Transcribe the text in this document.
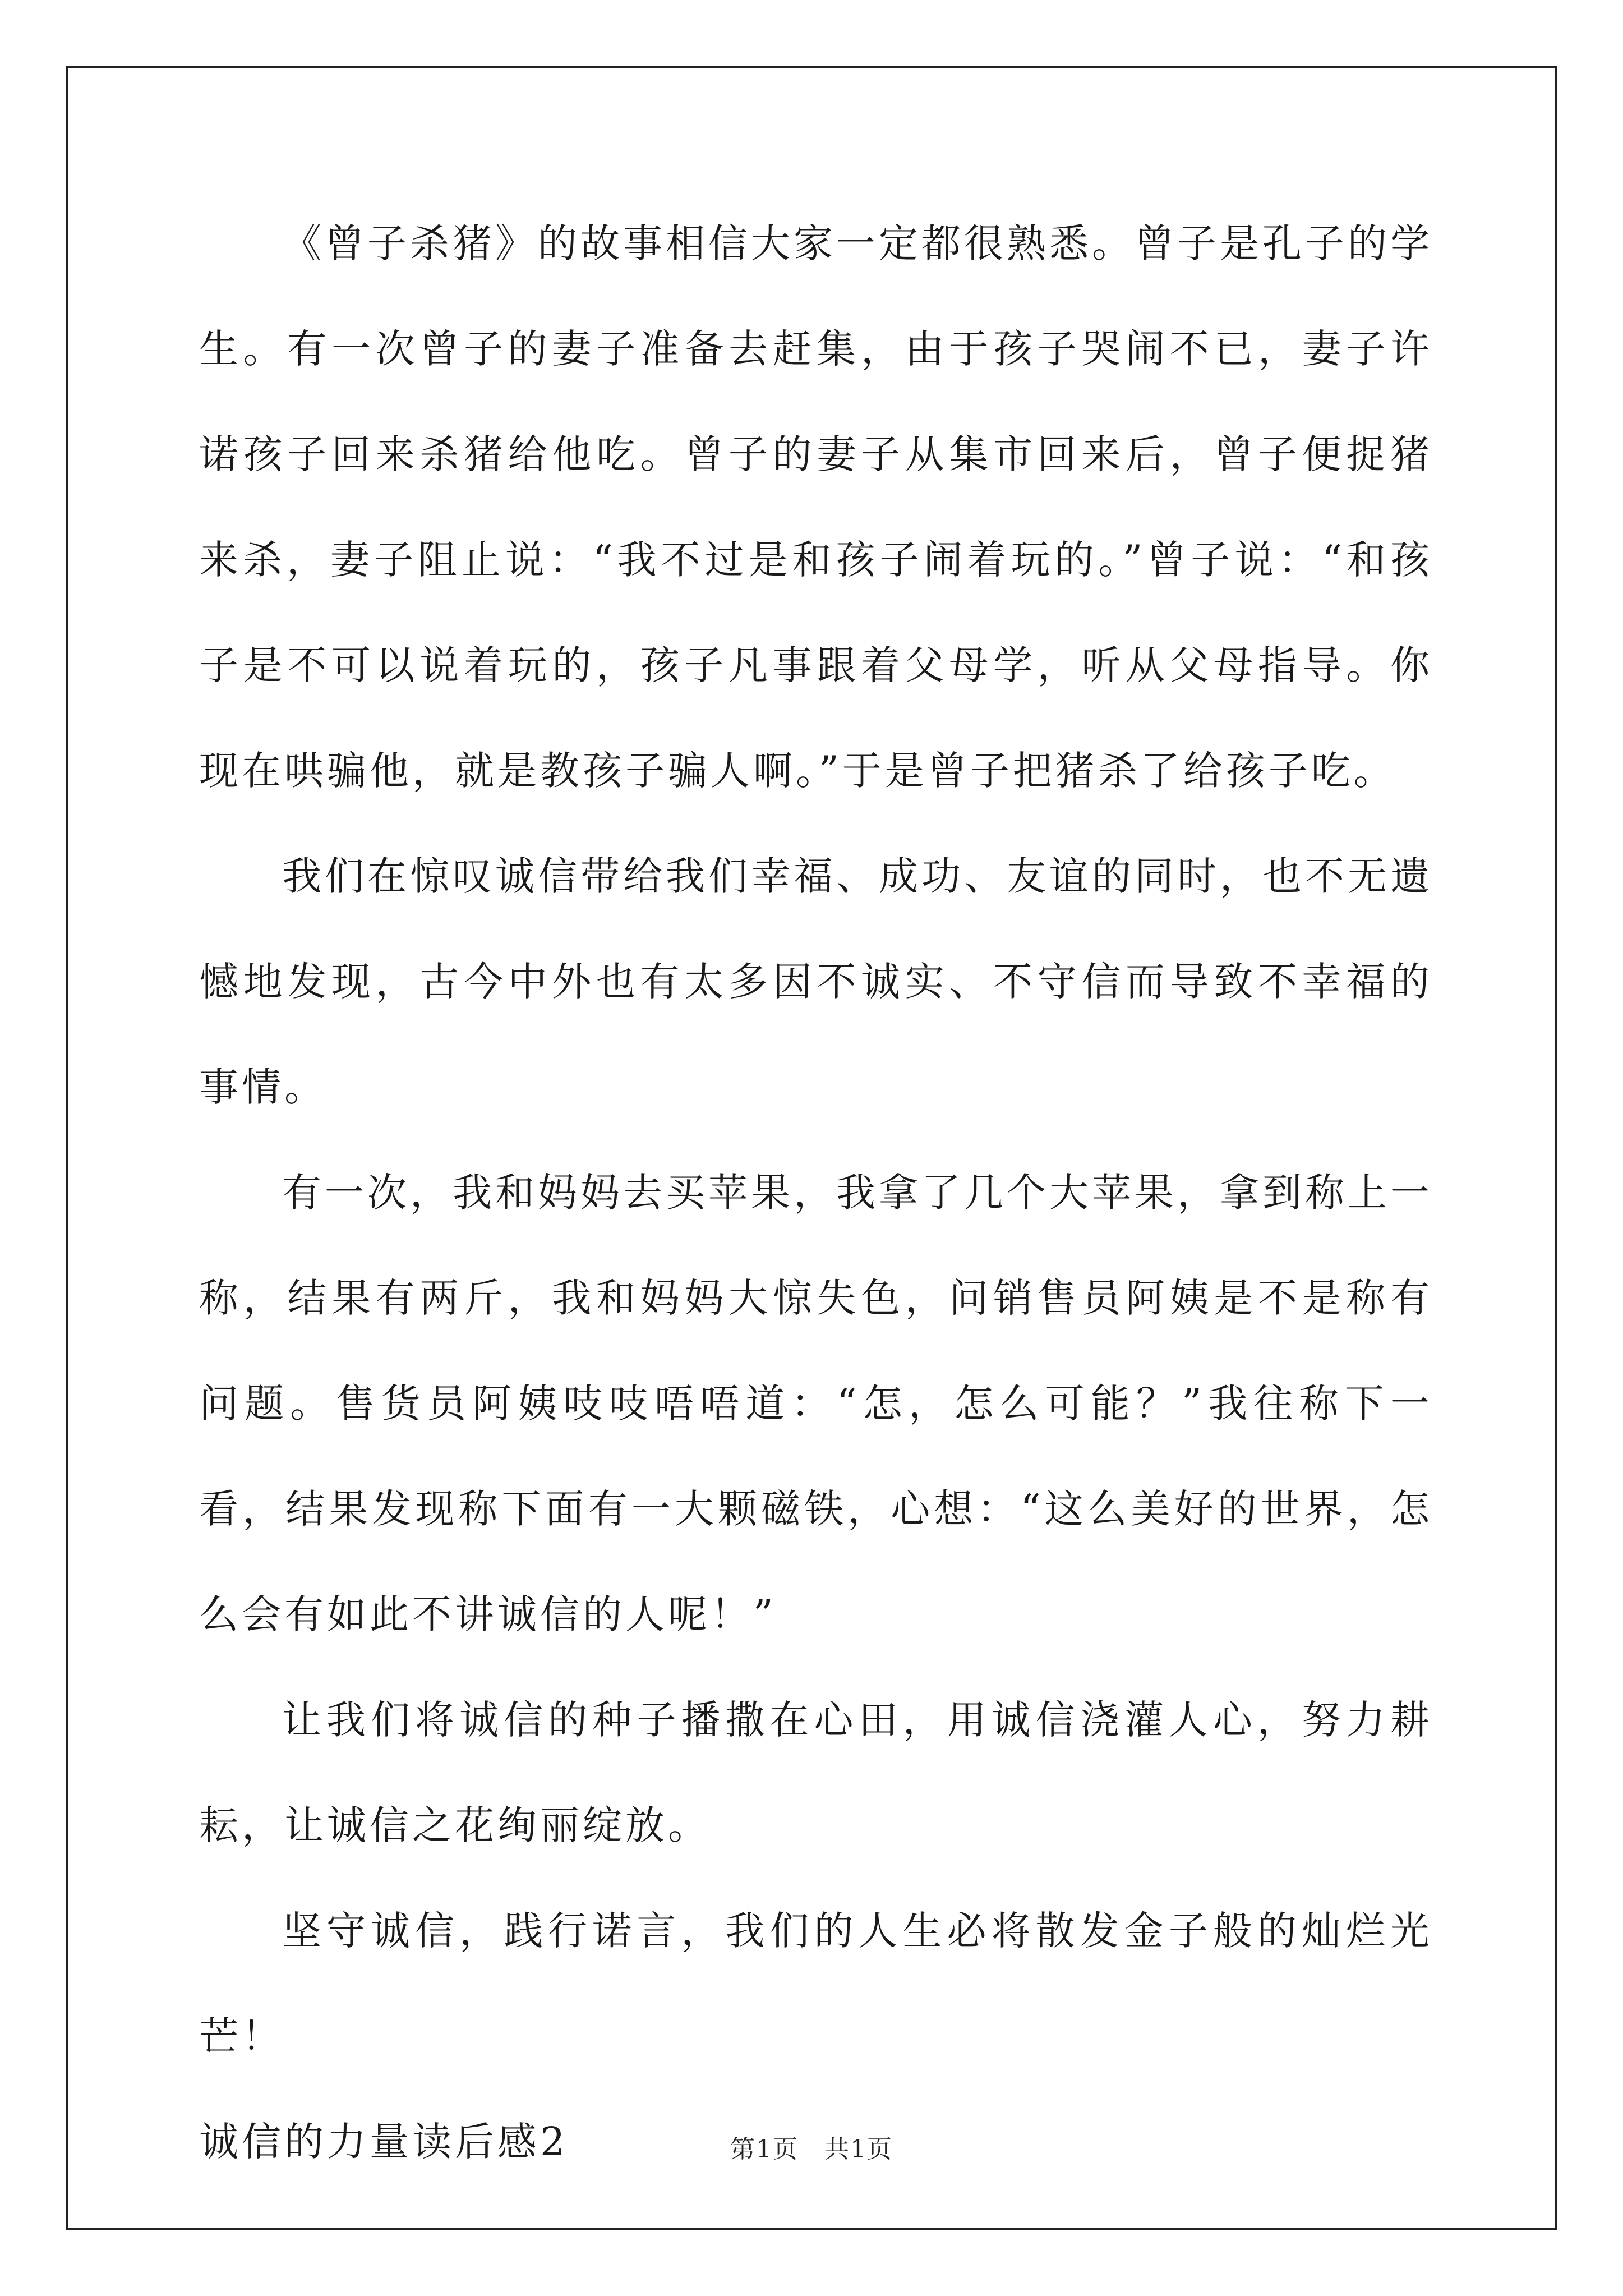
《曾子杀猪》的故事相信大家一定都很熟悉。曾子是孔子的学生。有一次曾子的妻子准备去赶集，由于孩子哭闹不已，妻子许诺孩子回来杀猪给他吃。曾子的妻子从集市回来后，曾子便捉猪来杀，妻子阻止说：“我不过是和孩子闹着玩的。”曾子说：“和孩子是不可以说着玩的，孩子凡事跟着父母学，听从父母指导。你现在哄骗他，就是教孩子骗人啊。”于是曾子把猪杀了给孩子吃。

我们在惊叹诚信带给我们幸福、成功、友谊的同时，也不无遗憾地发现，古今中外也有太多因不诚实、不守信而导致不幸福的事情。

有一次，我和妈妈去买苹果，我拿了几个大苹果，拿到称上一称，结果有两斤，我和妈妈大惊失色，问销售员阿姨是不是称有问题。售货员阿姨吱吱唔唔道：“怎，怎么可能？”我往称下一看，结果发现称下面有一大颗磁铁，心想：“这么美好的世界，怎么会有如此不讲诚信的人呢！”

让我们将诚信的种子播撒在心田，用诚信浇灌人心，努力耕耘，让诚信之花绚丽绽放。

坚守诚信，践行诺言，我们的人生必将散发金子般的灿烂光芒！

诚信的力量读后感2	第1页　共1页
